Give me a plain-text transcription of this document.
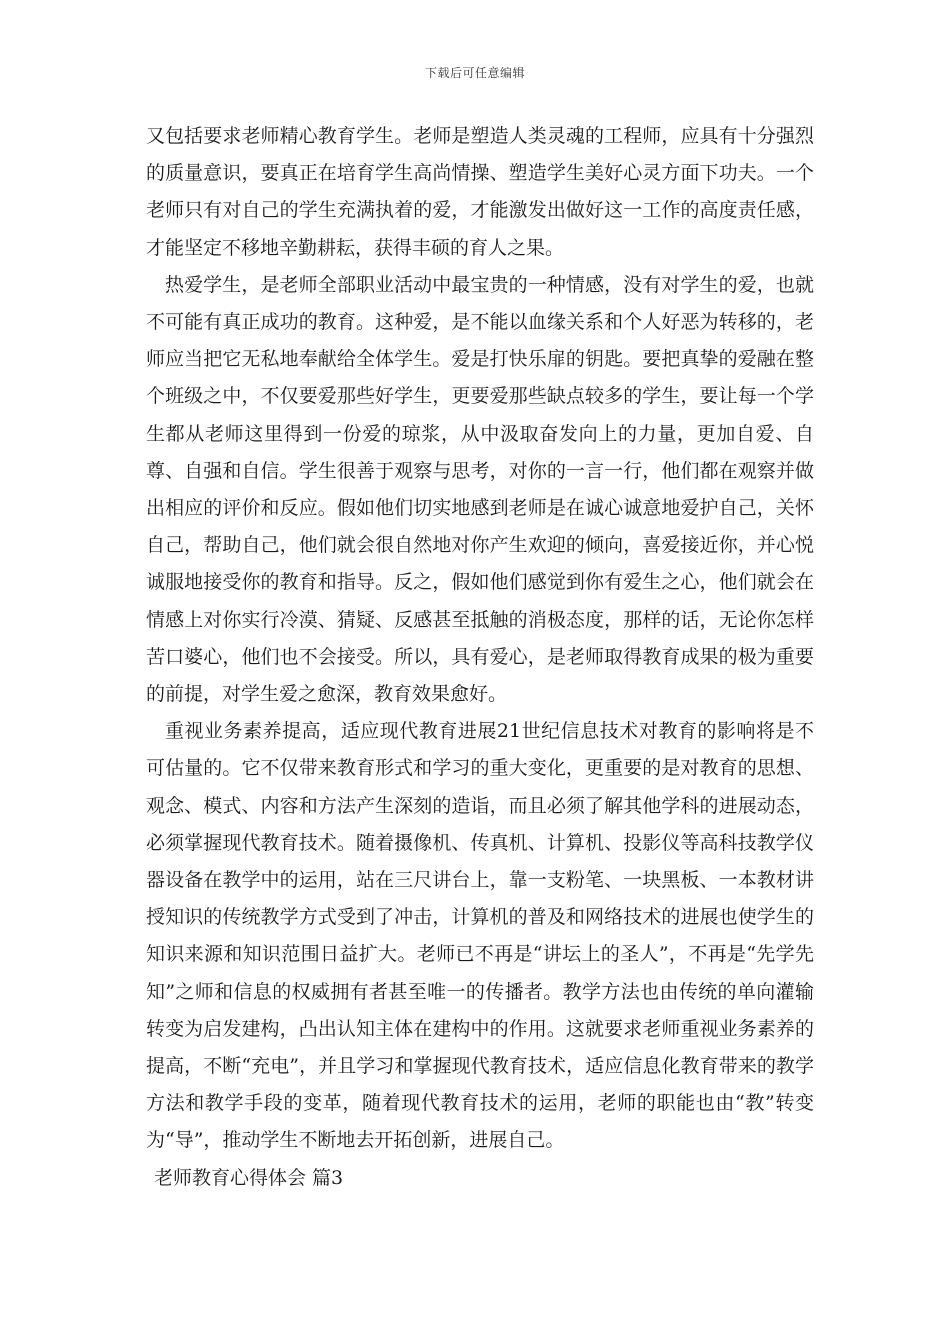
下载后可任意编辑

又包括要求老师精心教育学生。老师是塑造人类灵魂的工程师，应具有十分强烈的质量意识，要真正在培育学生高尚情操、塑造学生美好心灵方面下功夫。一个老师只有对自己的学生充满执着的爱，才能激发出做好这一工作的高度责任感，才能坚定不移地辛勤耕耘，获得丰硕的育人之果。

热爱学生，是老师全部职业活动中最宝贵的一种情感，没有对学生的爱，也就不可能有真正成功的教育。这种爱，是不能以血缘关系和个人好恶为转移的，老师应当把它无私地奉献给全体学生。爱是打快乐扉的钥匙。要把真挚的爱融在整个班级之中，不仅要爱那些好学生，更要爱那些缺点较多的学生，要让每一个学生都从老师这里得到一份爱的琼浆，从中汲取奋发向上的力量，更加自爱、自尊、自强和自信。学生很善于观察与思考，对你的一言一行，他们都在观察并做出相应的评价和反应。假如他们切实地感到老师是在诚心诚意地爱护自己，关怀自己，帮助自己，他们就会很自然地对你产生欢迎的倾向，喜爱接近你，并心悦诚服地接受你的教育和指导。反之，假如他们感觉到你有爱生之心，他们就会在情感上对你实行冷漠、猜疑、反感甚至抵触的消极态度，那样的话，无论你怎样苦口婆心，他们也不会接受。所以，具有爱心，是老师取得教育成果的极为重要的前提，对学生爱之愈深，教育效果愈好。

重视业务素养提高，适应现代教育进展21世纪信息技术对教育的影响将是不可估量的。它不仅带来教育形式和学习的重大变化，更重要的是对教育的思想、观念、模式、内容和方法产生深刻的造诣，而且必须了解其他学科的进展动态，必须掌握现代教育技术。随着摄像机、传真机、计算机、投影仪等高科技教学仪器设备在教学中的运用，站在三尺讲台上，靠一支粉笔、一块黑板、一本教材讲授知识的传统教学方式受到了冲击，计算机的普及和网络技术的进展也使学生的知识来源和知识范围日益扩大。老师已不再是“讲坛上的圣人”，不再是“先学先知”之师和信息的权威拥有者甚至唯一的传播者。教学方法也由传统的单向灌输转变为启发建构，凸出认知主体在建构中的作用。这就要求老师重视业务素养的提高，不断“充电”，并且学习和掌握现代教育技术，适应信息化教育带来的教学方法和教学手段的变革，随着现代教育技术的运用，老师的职能也由“教”转变为“导”，推动学生不断地去开拓创新，进展自己。

老师教育心得体会 篇3
